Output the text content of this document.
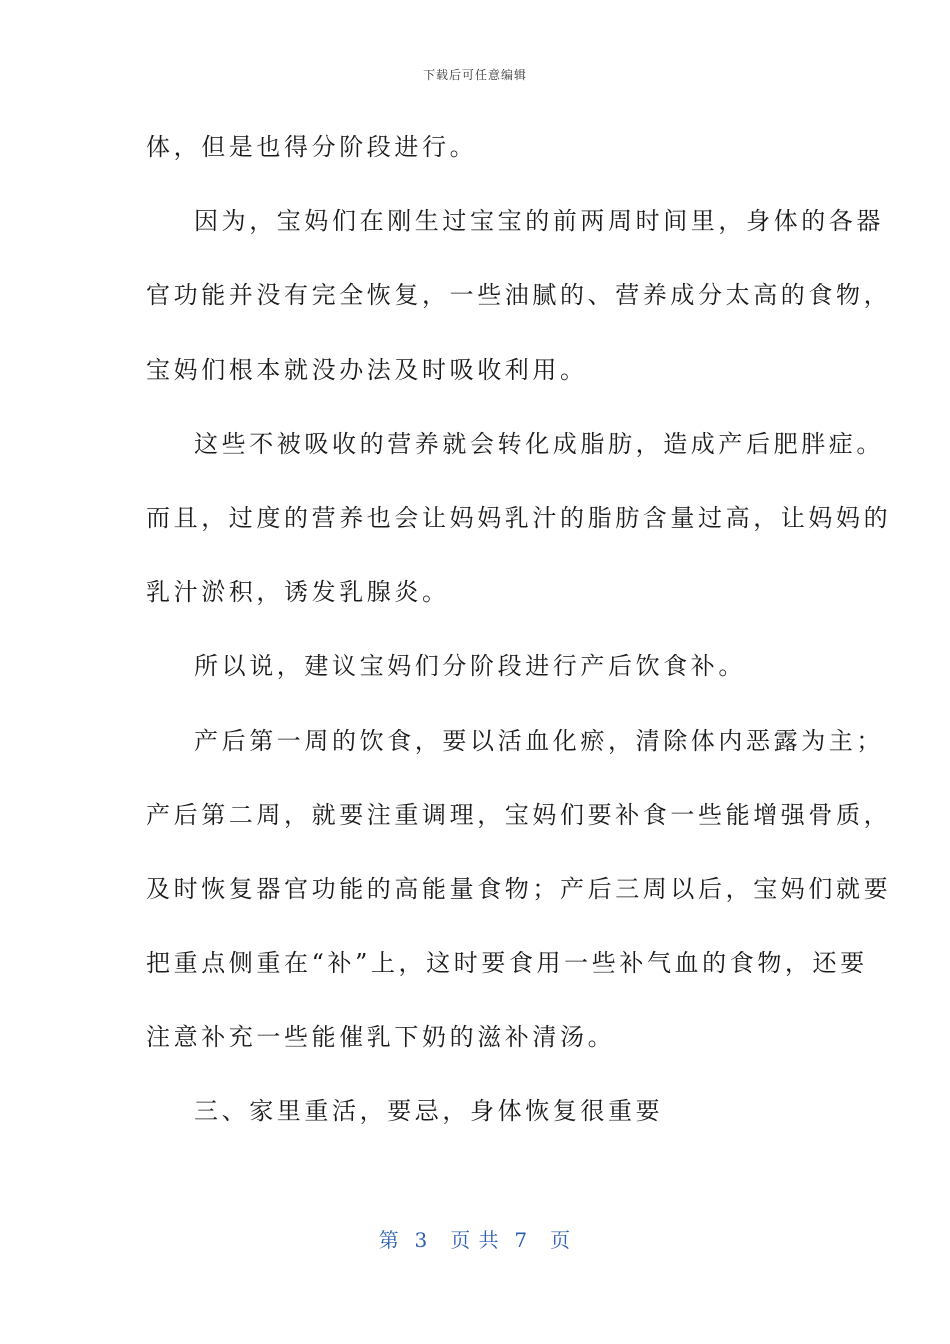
下载后可任意编辑
体，但是也得分阶段进行。
因为，宝妈们在刚生过宝宝的前两周时间里，身体的各器
官功能并没有完全恢复，一些油腻的、营养成分太高的食物，
宝妈们根本就没办法及时吸收利用。
这些不被吸收的营养就会转化成脂肪，造成产后肥胖症。
而且，过度的营养也会让妈妈乳汁的脂肪含量过高，让妈妈的
乳汁淤积，诱发乳腺炎。
所以说，建议宝妈们分阶段进行产后饮食补。
产后第一周的饮食，要以活血化瘀，清除体内恶露为主；
产后第二周，就要注重调理，宝妈们要补食一些能增强骨质，
及时恢复器官功能的高能量食物；产后三周以后，宝妈们就要
把重点侧重在“补”上，这时要食用一些补气血的食物，还要
注意补充一些能催乳下奶的滋补清汤。
三、家里重活，要忌，身体恢复很重要
第  3   页 共  7   页
